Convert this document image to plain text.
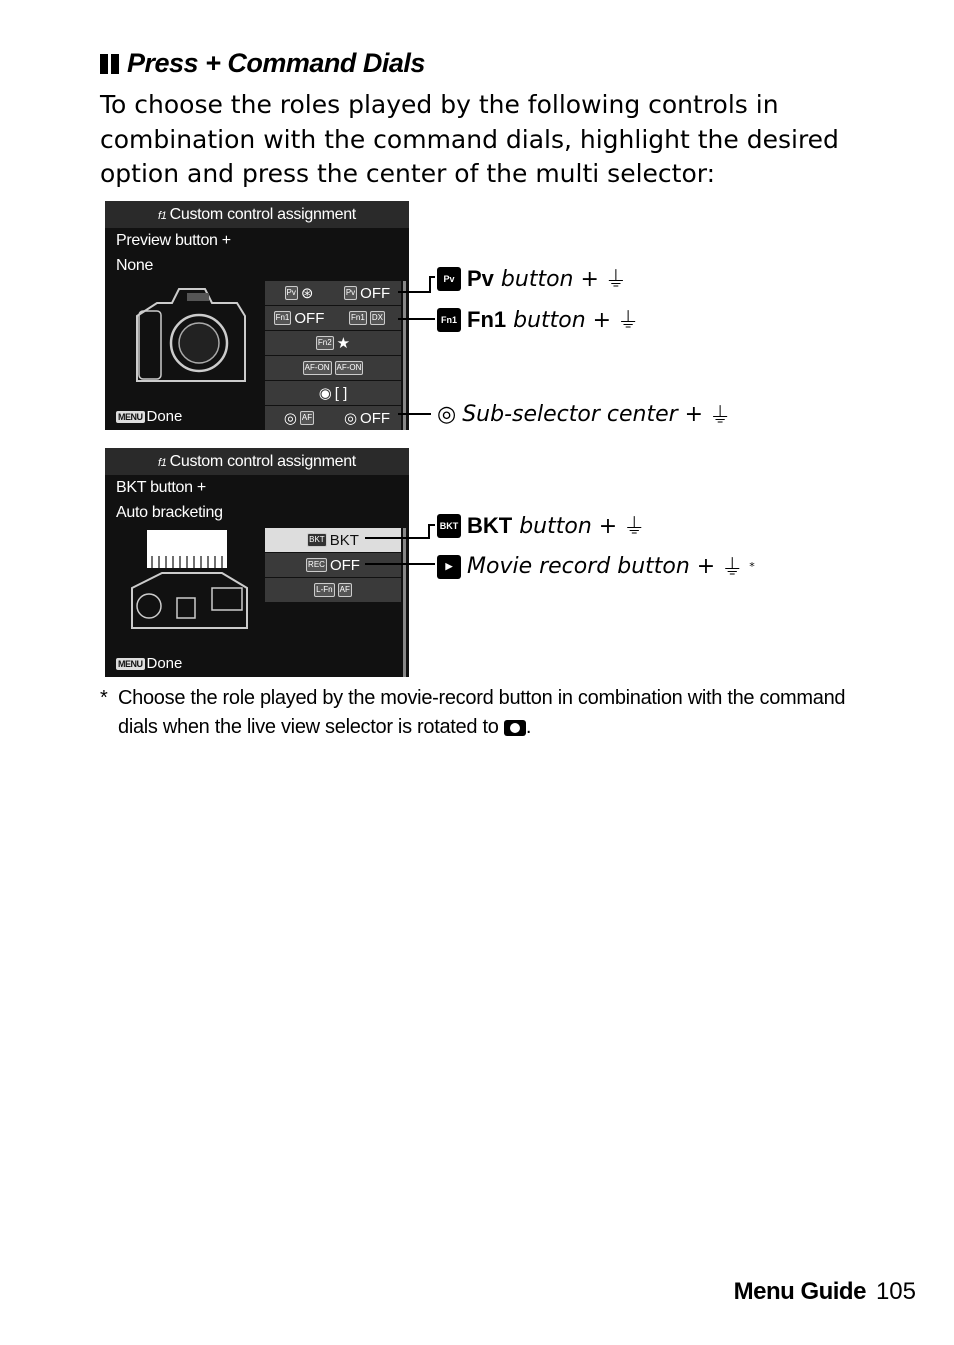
Press + Command Dials
To choose the roles played by the following controls in combination with the command dials, highlight the desired option and press the center of the multi selector:
f1 Custom control assignment
Preview button +
None
Pv ⊛	Pv OFF
Fn1 OFF	Fn1 DX
Fn2 ★
AF-ON AF-ON
◉ [ ]
◎ AF ◎ OFF
MENU Done
f1 Custom control assignment
BKT button +
Auto bracketing
BKT BKT
REC OFF
L-Fn AF
MENU Done
Pv Pv button + ⏚
Fn1 Fn1 button + ⏚
◎ Sub-selector center + ⏚
BKT BKT button + ⏚
▶ Movie record button + ⏚ *
* Choose the role played by the movie-record button in combination with the command dials when the live view selector is rotated to .
Menu Guide 105
